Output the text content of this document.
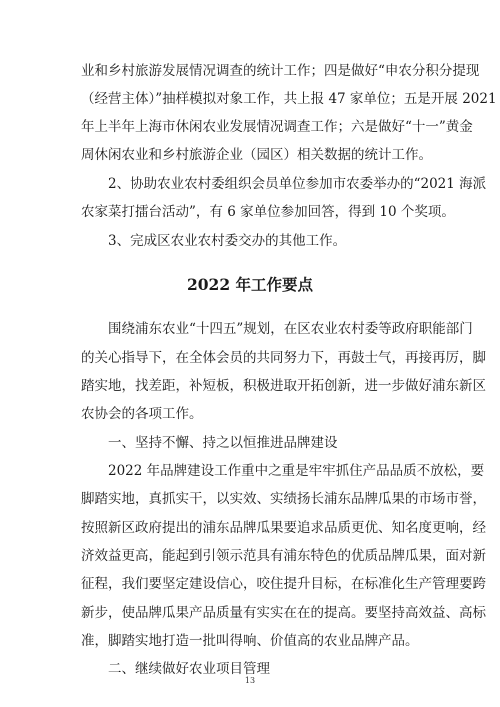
业和乡村旅游发展情况调查的统计工作；四是做好“申农分积分提现
（经营主体）”抽样模拟对象工作，共上报 47 家单位；五是开展 2021
年上半年上海市休闲农业发展情况调查工作；六是做好“十一”黄金
周休闲农业和乡村旅游企业（园区）相关数据的统计工作。
　　2、协助农业农村委组织会员单位参加市农委举办的“2021 海派
农家菜打擂台活动”，有 6 家单位参加回答，得到 10 个奖项。
　　3、完成区农业农村委交办的其他工作。
2022 年工作要点
　　围绕浦东农业“十四五”规划，在区农业农村委等政府职能部门
的关心指导下，在全体会员的共同努力下，再鼓士气，再接再厉，脚
踏实地，找差距，补短板，积极进取开拓创新，进一步做好浦东新区
农协会的各项工作。
　　一、坚持不懈、持之以恒推进品牌建设
　　2022 年品牌建设工作重中之重是牢牢抓住产品品质不放松，要
脚踏实地，真抓实干，以实效、实绩扬长浦东品牌瓜果的市场市誉，
按照新区政府提出的浦东品牌瓜果要追求品质更优、知名度更响，经
济效益更高，能起到引领示范具有浦东特色的优质品牌瓜果，面对新
征程，我们要坚定建设信心，咬住提升目标，在标准化生产管理要跨
新步，使品牌瓜果产品质量有实实在在的提高。要坚持高效益、高标
准，脚踏实地打造一批叫得响、价值高的农业品牌产品。
　　二、继续做好农业项目管理
13
